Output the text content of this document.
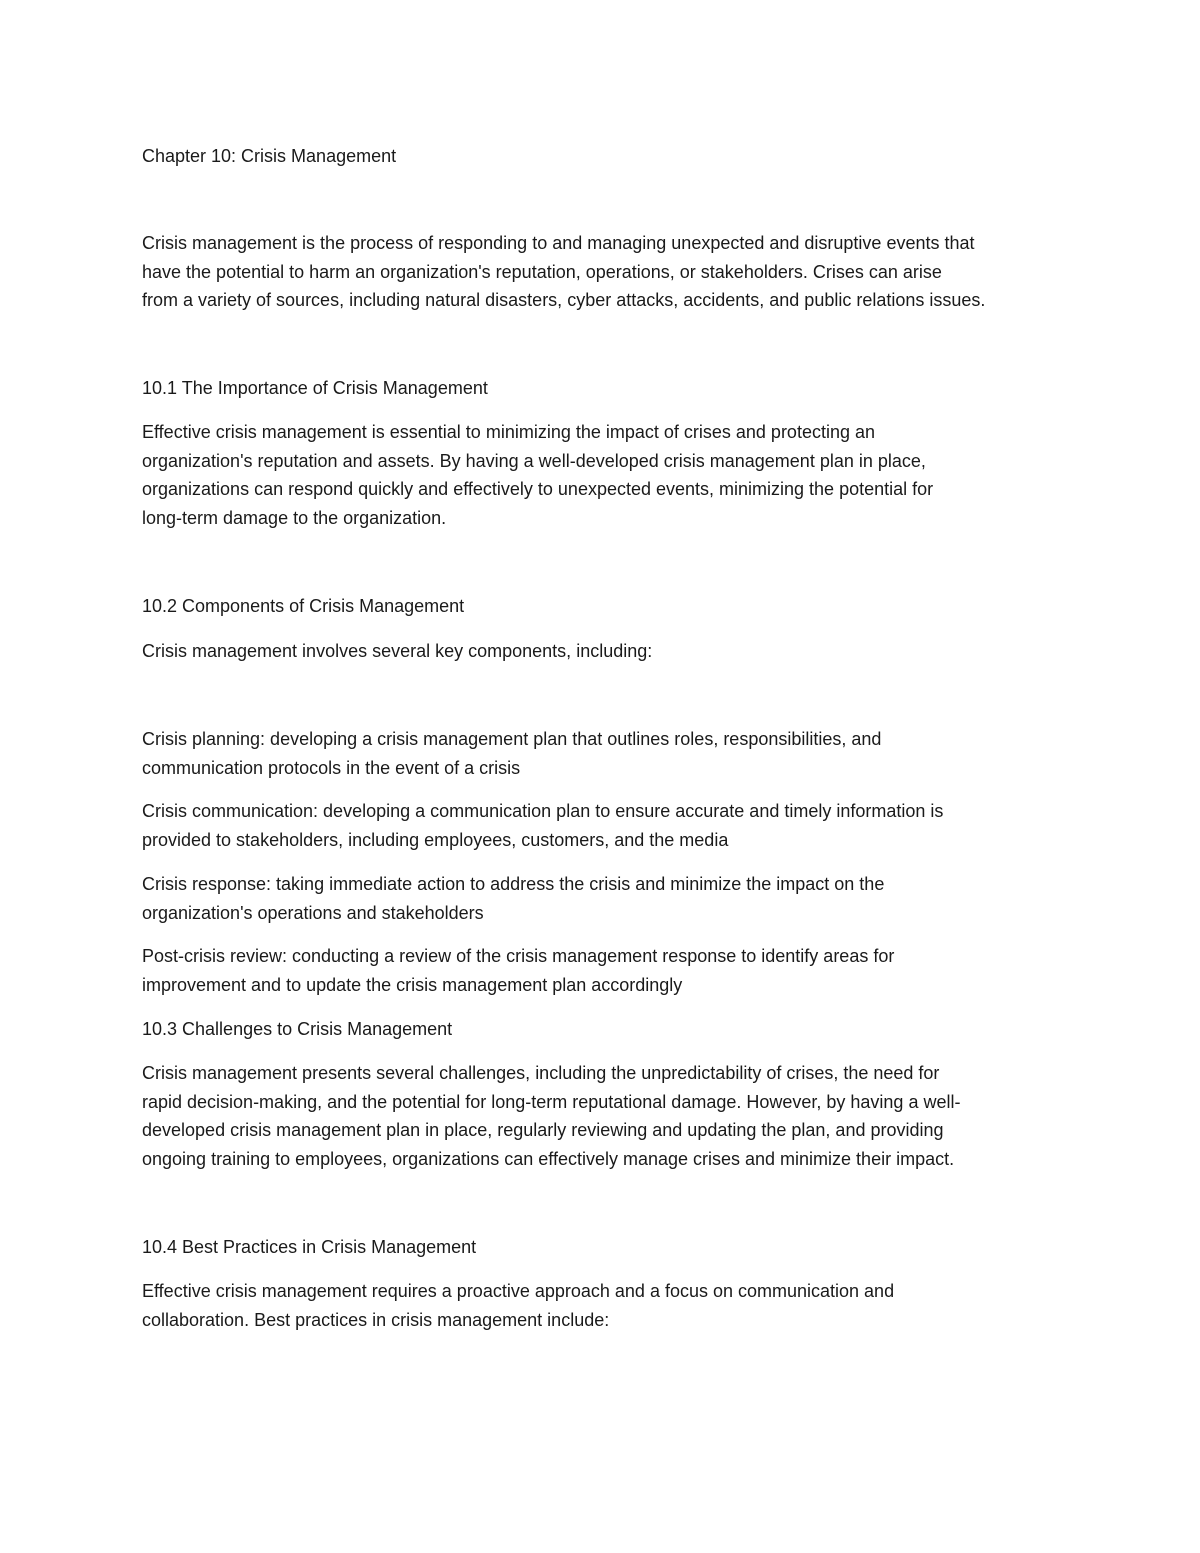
Chapter 10: Crisis Management

Crisis management is the process of responding to and managing unexpected and disruptive events that
have the potential to harm an organization's reputation, operations, or stakeholders. Crises can arise
from a variety of sources, including natural disasters, cyber attacks, accidents, and public relations issues.

10.1 The Importance of Crisis Management

Effective crisis management is essential to minimizing the impact of crises and protecting an
organization's reputation and assets. By having a well-developed crisis management plan in place,
organizations can respond quickly and effectively to unexpected events, minimizing the potential for
long-term damage to the organization.

10.2 Components of Crisis Management

Crisis management involves several key components, including:

Crisis planning: developing a crisis management plan that outlines roles, responsibilities, and
communication protocols in the event of a crisis

Crisis communication: developing a communication plan to ensure accurate and timely information is
provided to stakeholders, including employees, customers, and the media

Crisis response: taking immediate action to address the crisis and minimize the impact on the
organization's operations and stakeholders

Post-crisis review: conducting a review of the crisis management response to identify areas for
improvement and to update the crisis management plan accordingly

10.3 Challenges to Crisis Management

Crisis management presents several challenges, including the unpredictability of crises, the need for
rapid decision-making, and the potential for long-term reputational damage. However, by having a well-
developed crisis management plan in place, regularly reviewing and updating the plan, and providing
ongoing training to employees, organizations can effectively manage crises and minimize their impact.

10.4 Best Practices in Crisis Management

Effective crisis management requires a proactive approach and a focus on communication and
collaboration. Best practices in crisis management include:
